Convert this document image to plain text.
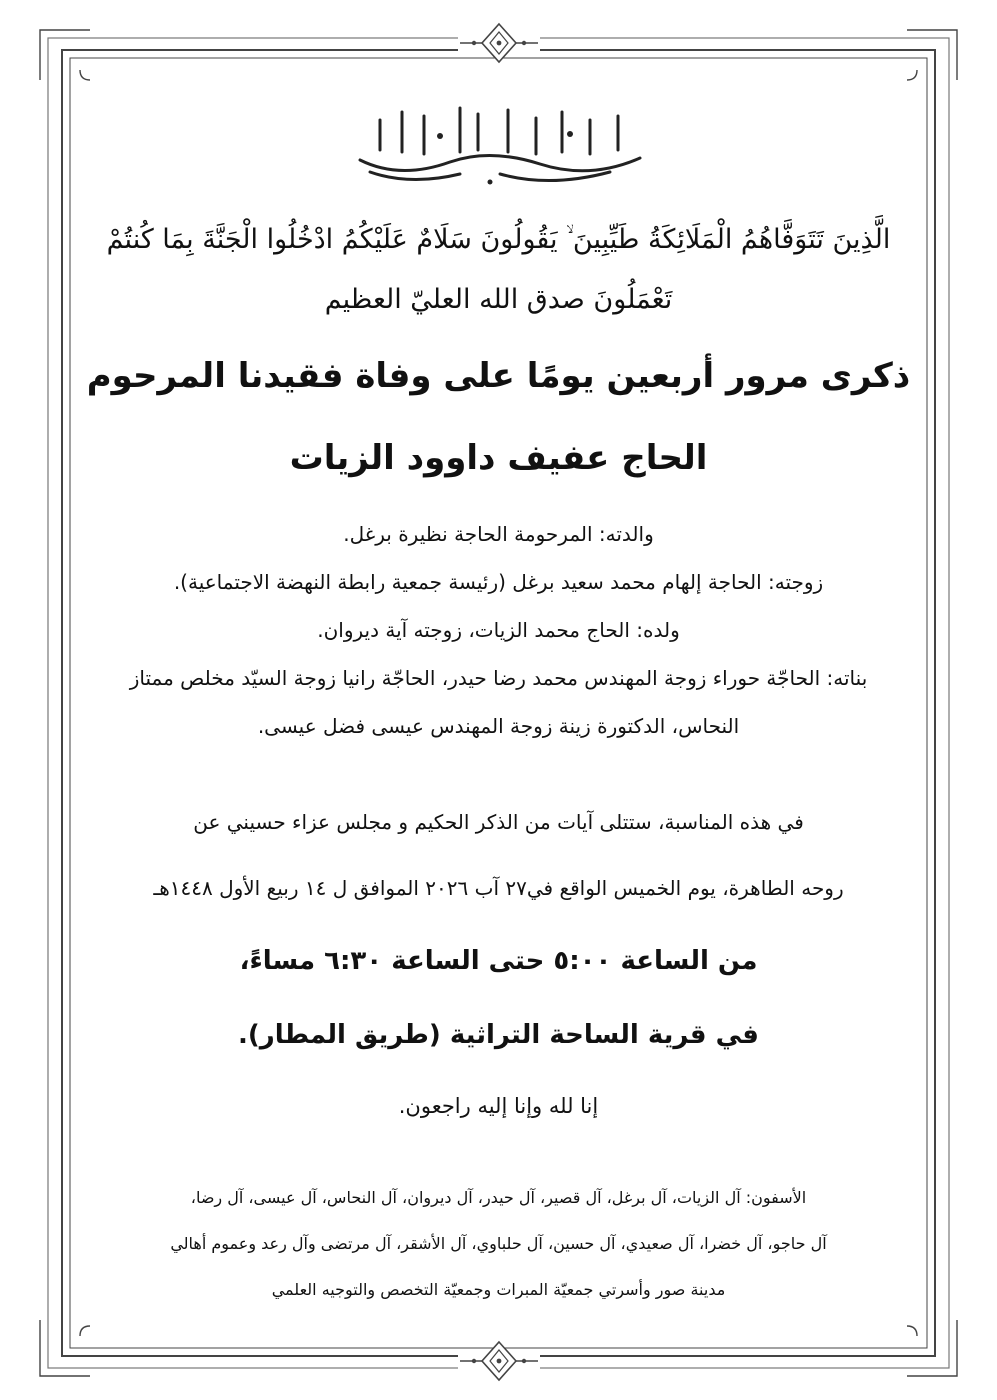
الَّذِينَ تَتَوَفَّاهُمُ الْمَلَائِكَةُ طَيِّبِينَ ۙ يَقُولُونَ سَلَامٌ عَلَيْكُمُ ادْخُلُوا الْجَنَّةَ بِمَا كُنتُمْ
تَعْمَلُونَ صدق الله العليّ العظيم
ذكرى مرور أربعين يومًا على وفاة فقيدنا المرحوم
الحاج عفيف داوود الزيات
والدته: المرحومة الحاجة نظيرة برغل.
زوجته: الحاجة إلهام محمد سعيد برغل (رئيسة جمعية رابطة النهضة الاجتماعية).
ولده: الحاج محمد الزيات، زوجته آية ديروان.
بناته: الحاجّة حوراء زوجة المهندس محمد رضا حيدر، الحاجّة رانيا زوجة السيّد مخلص ممتاز
النحاس، الدكتورة زينة زوجة المهندس عيسى فضل عيسى.
في هذه المناسبة، ستتلى آيات من الذكر الحكيم و مجلس عزاء حسيني عن
روحه الطاهرة، يوم الخميس الواقع في٢٧ آب ٢٠٢٦ الموافق ل ١٤ ربيع الأول ١٤٤٨هـ
من الساعة ٥:٠٠ حتى الساعة ٦:٣٠ مساءً،
في قرية الساحة التراثية (طريق المطار).
إنا لله وإنا إليه راجعون.
الأسفون: آل الزيات، آل برغل، آل قصير، آل حيدر، آل ديروان، آل النحاس، آل عيسى، آل رضا،
آل حاجو، آل خضرا، آل صعيدي، آل حسين، آل حلباوي، آل الأشقر، آل مرتضى وآل رعد وعموم أهالي
مدينة صور وأسرتي جمعيّة المبرات وجمعيّة التخصص والتوجيه العلمي
